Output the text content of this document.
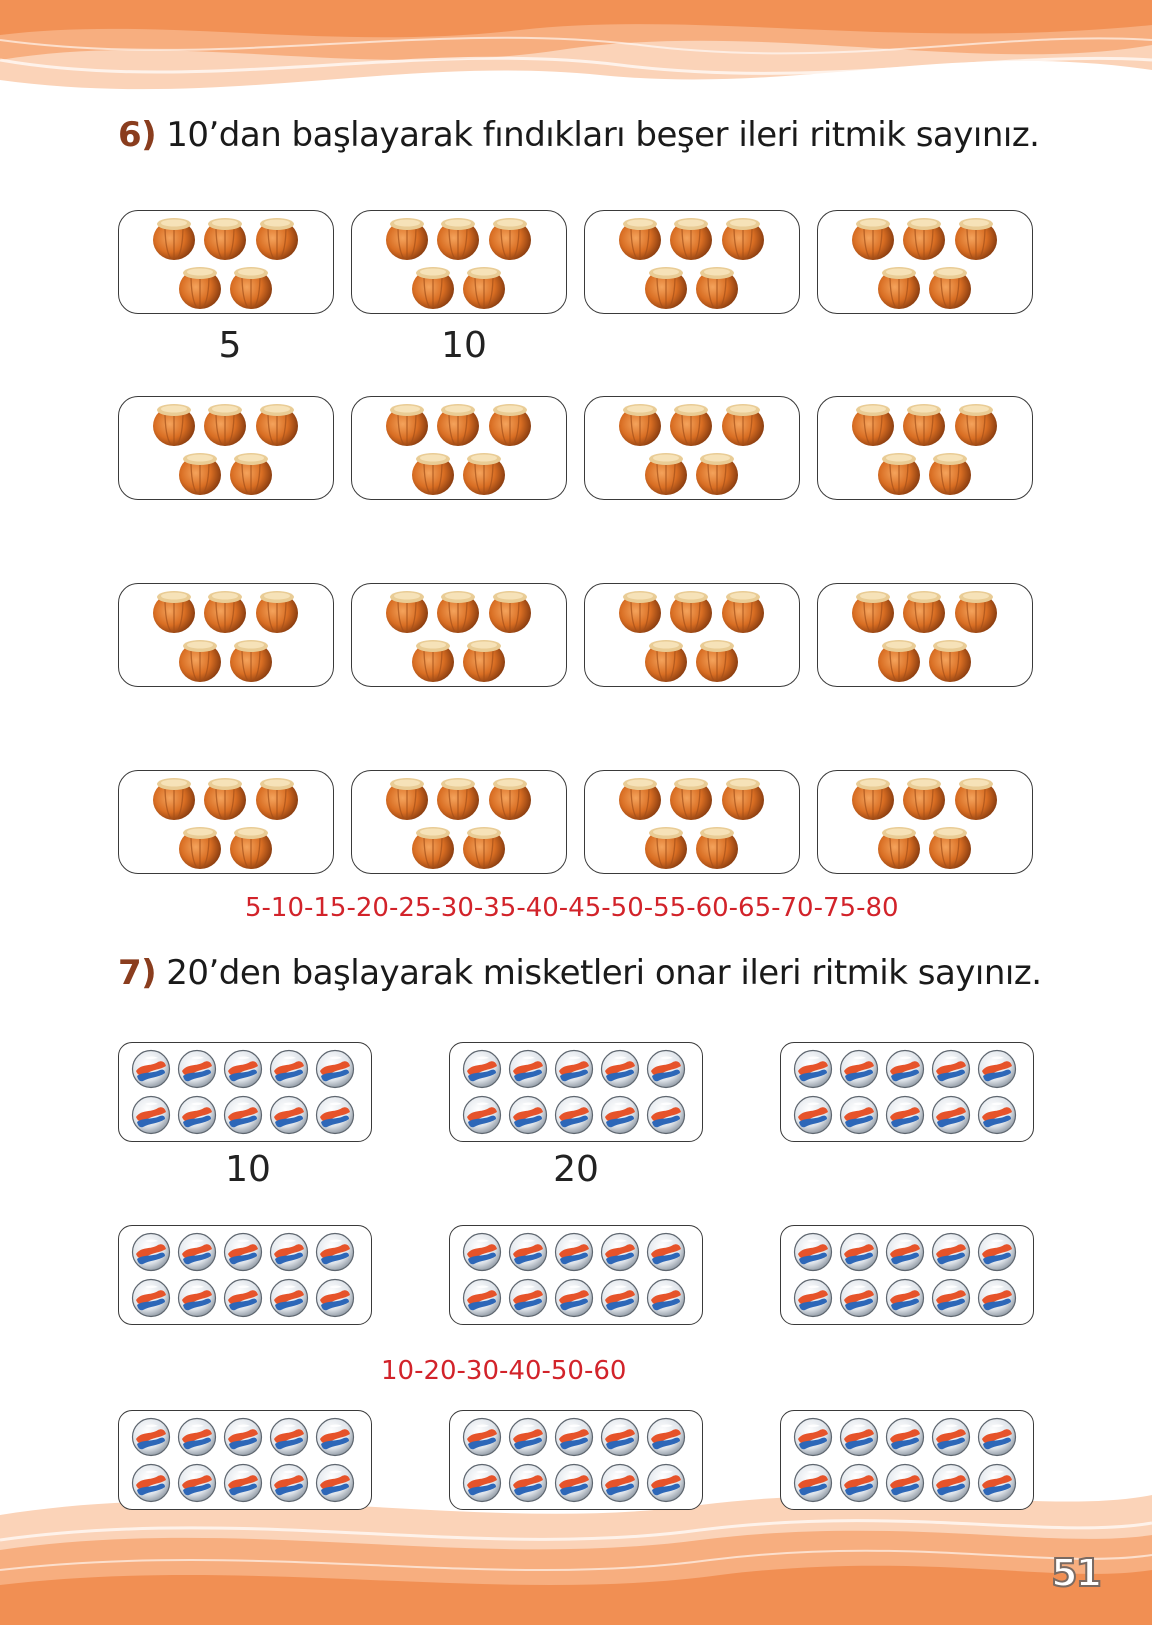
6) 10’dan başlayarak fındıkları beşer ileri ritmik sayınız.
5	10
5-10-15-20-25-30-35-40-45-50-55-60-65-70-75-80
7) 20’den başlayarak misketleri onar ileri ritmik sayınız.
10	20
10-20-30-40-50-60
51
